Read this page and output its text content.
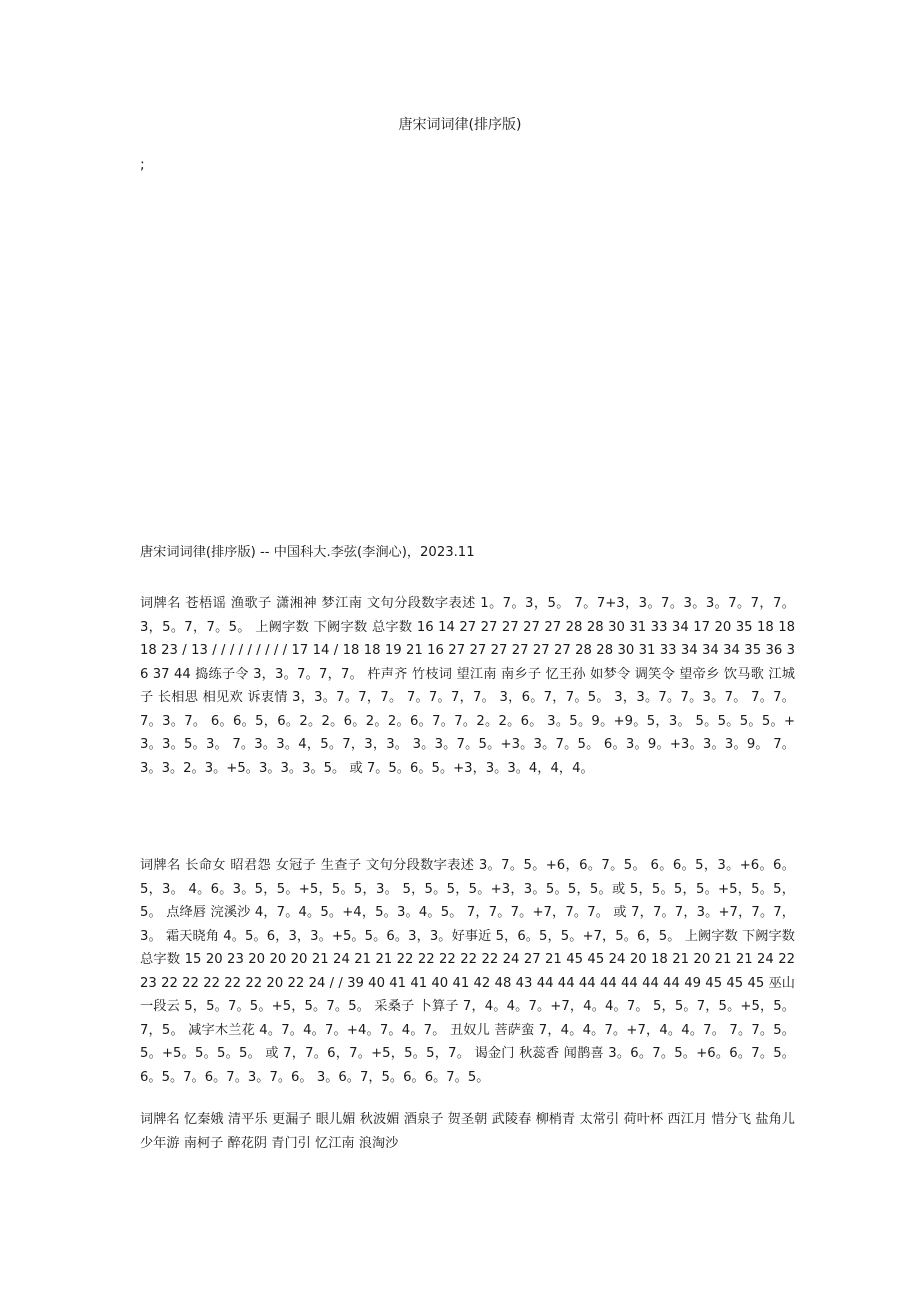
唐宋词词律(排序版)
;

唐宋词词律(排序版) -- 中国科大.李弦(李涧心)，2023.11

词牌名 苍梧谣 渔歌子 潇湘神 梦江南 文句分段数字表述 1。7。3，5。 7。7+3，3。7。3。3。7。7，7。 3，5。7，7。5。 上阙字数 下阙字数 总字数 16 14 27 27 27 27 27 28 28 30 31 33 34 17 20 35 18 18 18 23 / 13 / / / / / / / / / 17 14 / 18 18 19 21 16 27 27 27 27 27 27 28 28 30 31 33 34 34 34 35 36 36 37 44 捣练子令 3，3。7。7，7。 杵声齐 竹枝词 望江南 南乡子 忆王孙 如梦令 调笑令 望帝乡 饮马歌 江城子 长相思 相见欢 诉衷情 3，3。7。7，7。 7。7。7，7。 3，6。7，7。5。 3，3。7。7。3。7。 7。7。7。3。7。 6。6。5，6。2。2。6。2。2。6。7。7。2。2。6。 3。5。9。+9。5，3。 5。5。5。5。+3。3。5。3。 7。3。3。4，5。7，3，3。 3。3。7。5。+3。3。7。5。 6。3。9。+3。3。3。9。 7。3。3。2。3。+5。3。3。3。5。 或 7。5。6。5。+3，3。3。4，4，4。

词牌名 长命女 昭君怨 女冠子 生查子 文句分段数字表述 3。7。5。+6，6。7。5。 6。6。5，3。+6。6。5，3。 4。6。3。5，5。+5，5。5，3。 5，5。5，5。+3，3。5。5，5。或 5，5。5，5。+5，5。5，5。 点绛唇 浣溪沙 4，7。4。5。+4，5。3。4。5。 7，7。7。+7，7。7。 或 7，7。7，3。+7，7。7，3。 霜天晓角 4。5。6，3，3。+5。5。6。3，3。好事近 5，6。5，5。+7，5。6，5。 上阙字数 下阙字数 总字数 15 20 23 20 20 20 21 24 21 21 22 22 22 22 22 24 27 21 45 45 24 20 18 21 20 21 21 24 22 23 22 22 22 22 22 20 22 24 / / 39 40 41 41 40 41 42 48 43 44 44 44 44 44 44 44 49 45 45 45 巫山一段云 5，5。7。5。+5，5。7。5。 采桑子 卜算子 7，4。4。7。+7，4。4。7。 5，5。7，5。+5，5。7，5。 减字木兰花 4。7。4。7。+4。7。4。7。 丑奴儿 菩萨蛮 7，4。4。7。+7，4。4。7。 7。7。5。5。+5。5。5。5。 或 7，7。6，7。+5，5。5，7。 谒金门 秋蕊香 闻鹊喜 3。6。7。5。+6。6。7。5。 6。5。7。6。7。3。7。6。 3。6。7，5。6。6。7。5。

词牌名 忆秦娥 清平乐 更漏子 眼儿媚 秋波媚 酒泉子 贺圣朝 武陵春 柳梢青 太常引 荷叶杯 西江月 惜分飞 盐角儿 少年游 南柯子 醉花阴 青门引 忆江南 浪淘沙
